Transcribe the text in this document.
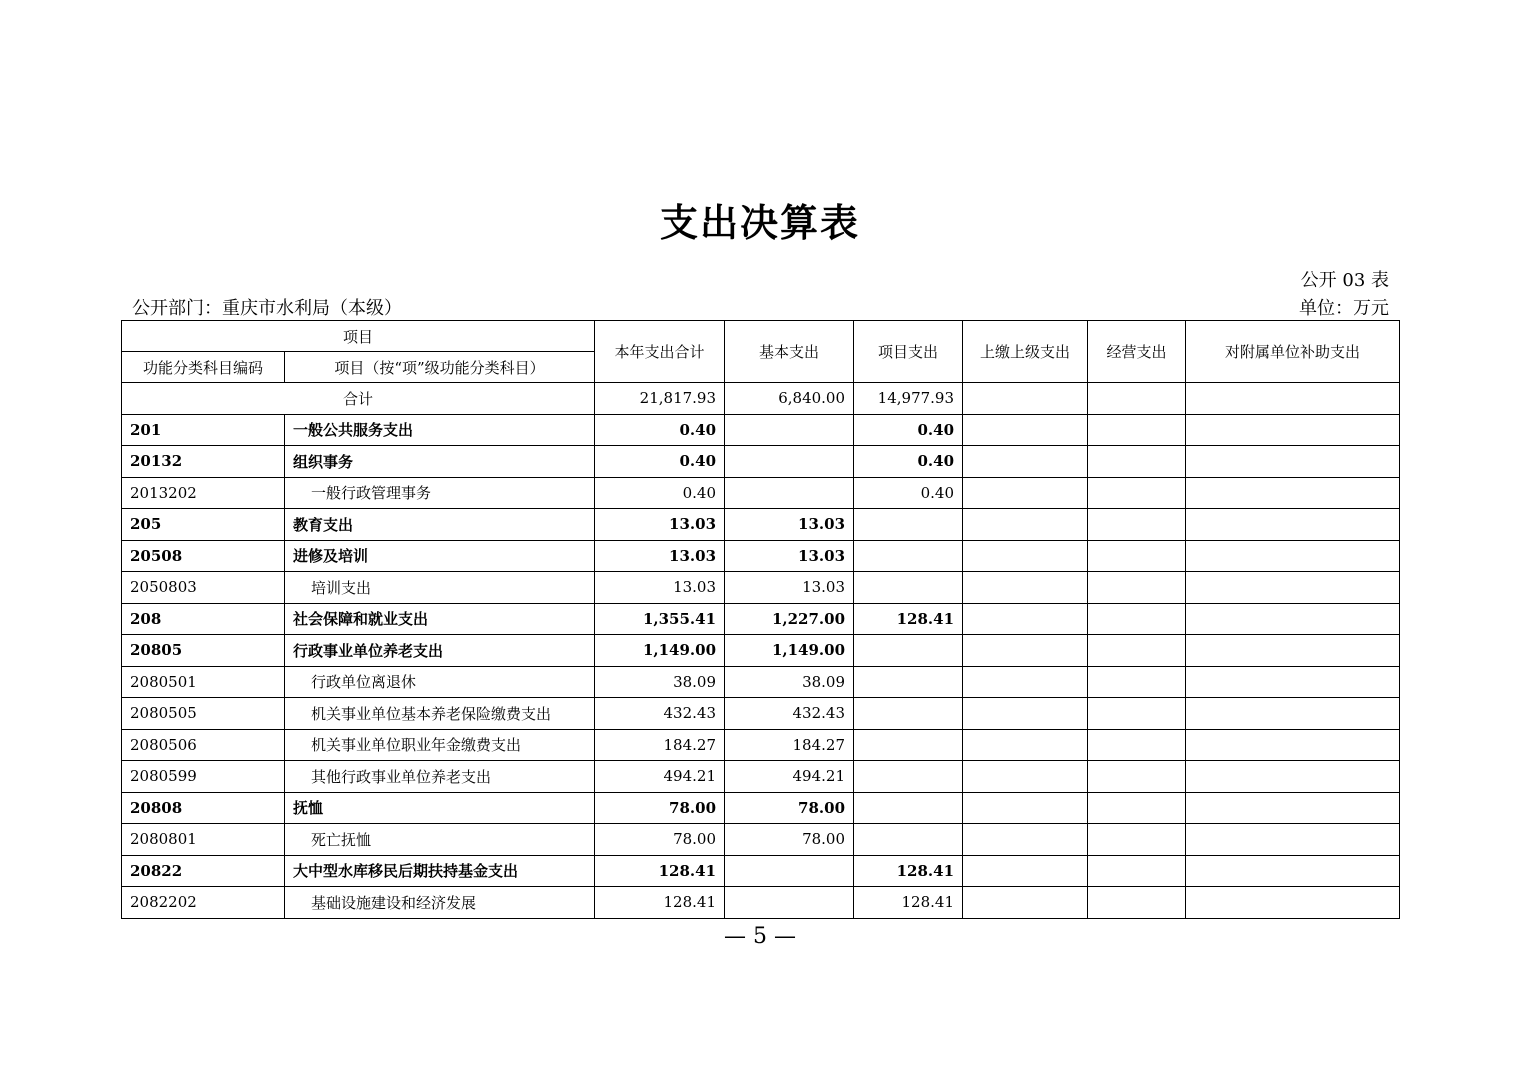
支出决算表
公开 03 表
公开部门：重庆市水利局（本级）	单位：万元
项目		本年支出合计	基本支出	项目支出	上缴上级支出	经营支出	对附属单位补助支出
功能分类科目编码	项目（按“项”级功能分类科目）						
合计		21,817.93	6,840.00	14,977.93			
201	一般公共服务支出	0.40		0.40			
20132	组织事务	0.40		0.40			
2013202	一般行政管理事务	0.40		0.40			
205	教育支出	13.03	13.03				
20508	进修及培训	13.03	13.03				
2050803	培训支出	13.03	13.03				
208	社会保障和就业支出	1,355.41	1,227.00	128.41			
20805	行政事业单位养老支出	1,149.00	1,149.00				
2080501	行政单位离退休	38.09	38.09				
2080505	机关事业单位基本养老保险缴费支出	432.43	432.43				
2080506	机关事业单位职业年金缴费支出	184.27	184.27				
2080599	其他行政事业单位养老支出	494.21	494.21				
20808	抚恤	78.00	78.00				
2080801	死亡抚恤	78.00	78.00				
20822	大中型水库移民后期扶持基金支出	128.41		128.41			
2082202	基础设施建设和经济发展	128.41		128.41			
— 5 —
